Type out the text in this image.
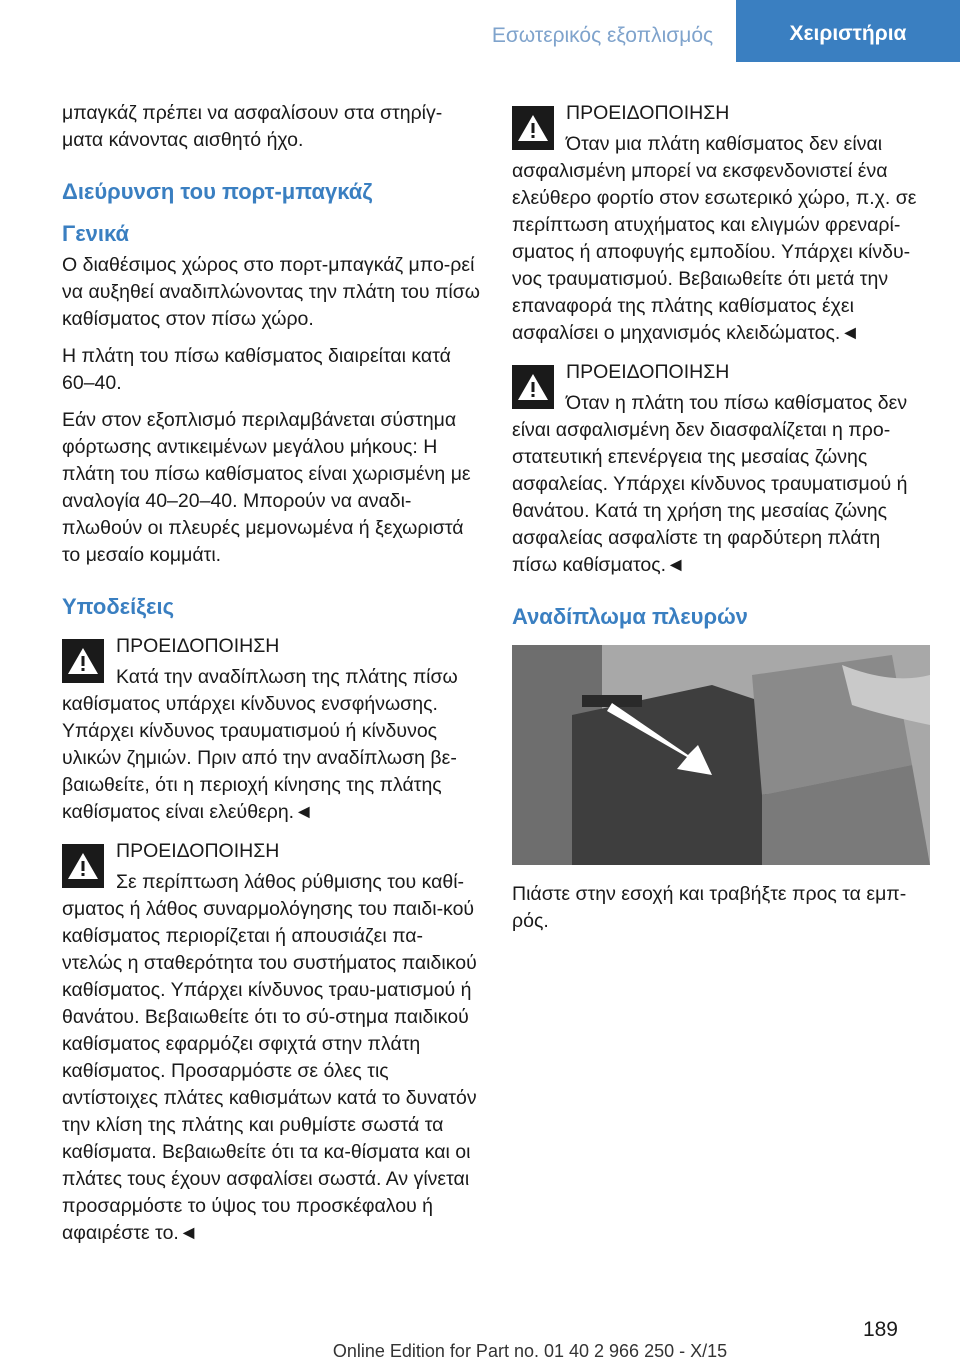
Εσωτερικός εξοπλισμός	Χειριστήρια

μπαγκάζ πρέπει να ασφαλίσουν στα στηρίγ-ματα κάνοντας αισθητό ήχο.

Διεύρυνση του πορτ-μπαγκάζ
Γενικά

Ο διαθέσιμος χώρος στο πορτ-μπαγκάζ μπο-ρεί να αυξηθεί αναδιπλώνοντας την πλάτη του πίσω καθίσματος στον πίσω χώρο.

Η πλάτη του πίσω καθίσματος διαιρείται κατά 60–40.

Εάν στον εξοπλισμό περιλαμβάνεται σύστημα φόρτωσης αντικειμένων μεγάλου μήκους: Η πλάτη του πίσω καθίσματος είναι χωρισμένη με αναλογία 40–20–40. Μπορούν να αναδι-πλωθούν οι πλευρές μεμονωμένα ή ξεχωριστά το μεσαίο κομμάτι.

Υποδείξεις
ΠΡΟΕΙΔΟΠΟΙΗΣΗ
Κατά την αναδίπλωση της πλάτης πίσω καθίσματος υπάρχει κίνδυνος ενσφήνωσης. Υπάρχει κίνδυνος τραυματισμού ή κίνδυνος υλικών ζημιών. Πριν από την αναδίπλωση βε-βαιωθείτε, ότι η περιοχή κίνησης της πλάτης καθίσματος είναι ελεύθερη.◄
ΠΡΟΕΙΔΟΠΟΙΗΣΗ
Σε περίπτωση λάθος ρύθμισης του καθί-σματος ή λάθος συναρμολόγησης του παιδι-κού καθίσματος περιορίζεται ή απουσιάζει πα-ντελώς η σταθερότητα του συστήματος παιδικού καθίσματος. Υπάρχει κίνδυνος τραυ-ματισμού ή θανάτου. Βεβαιωθείτε ότι το σύ-στημα παιδικού καθίσματος εφαρμόζει σφιχτά στην πλάτη καθίσματος. Προσαρμόστε σε όλες τις αντίστοιχες πλάτες καθισμάτων κατά το δυνατόν την κλίση της πλάτης και ρυθμίστε σωστά τα καθίσματα. Βεβαιωθείτε ότι τα κα-θίσματα και οι πλάτες τους έχουν ασφαλίσει σωστά. Αν γίνεται προσαρμόστε το ύψος του προσκέφαλου ή αφαιρέστε το.◄
ΠΡΟΕΙΔΟΠΟΙΗΣΗ
Όταν μια πλάτη καθίσματος δεν είναι ασφαλισμένη μπορεί να εκσφενδονιστεί ένα ελεύθερο φορτίο στον εσωτερικό χώρο, π.χ. σε περίπτωση ατυχήματος και ελιγμών φρεναρί-σματος ή αποφυγής εμποδίου. Υπάρχει κίνδυ-νος τραυματισμού. Βεβαιωθείτε ότι μετά την επαναφορά της πλάτης καθίσματος έχει ασφαλίσει ο μηχανισμός κλειδώματος.◄
ΠΡΟΕΙΔΟΠΟΙΗΣΗ
Όταν η πλάτη του πίσω καθίσματος δεν είναι ασφαλισμένη δεν διασφαλίζεται η προ-στατευτική επενέργεια της μεσαίας ζώνης ασφαλείας. Υπάρχει κίνδυνος τραυματισμού ή θανάτου. Κατά τη χρήση της μεσαίας ζώνης ασφαλείας ασφαλίστε τη φαρδύτερη πλάτη πίσω καθίσματος.◄
Αναδίπλωμα πλευρών

Πιάστε στην εσοχή και τραβήξτε προς τα εμπ-ρός.

189
Online Edition for Part no. 01 40 2 966 250 - X/15
